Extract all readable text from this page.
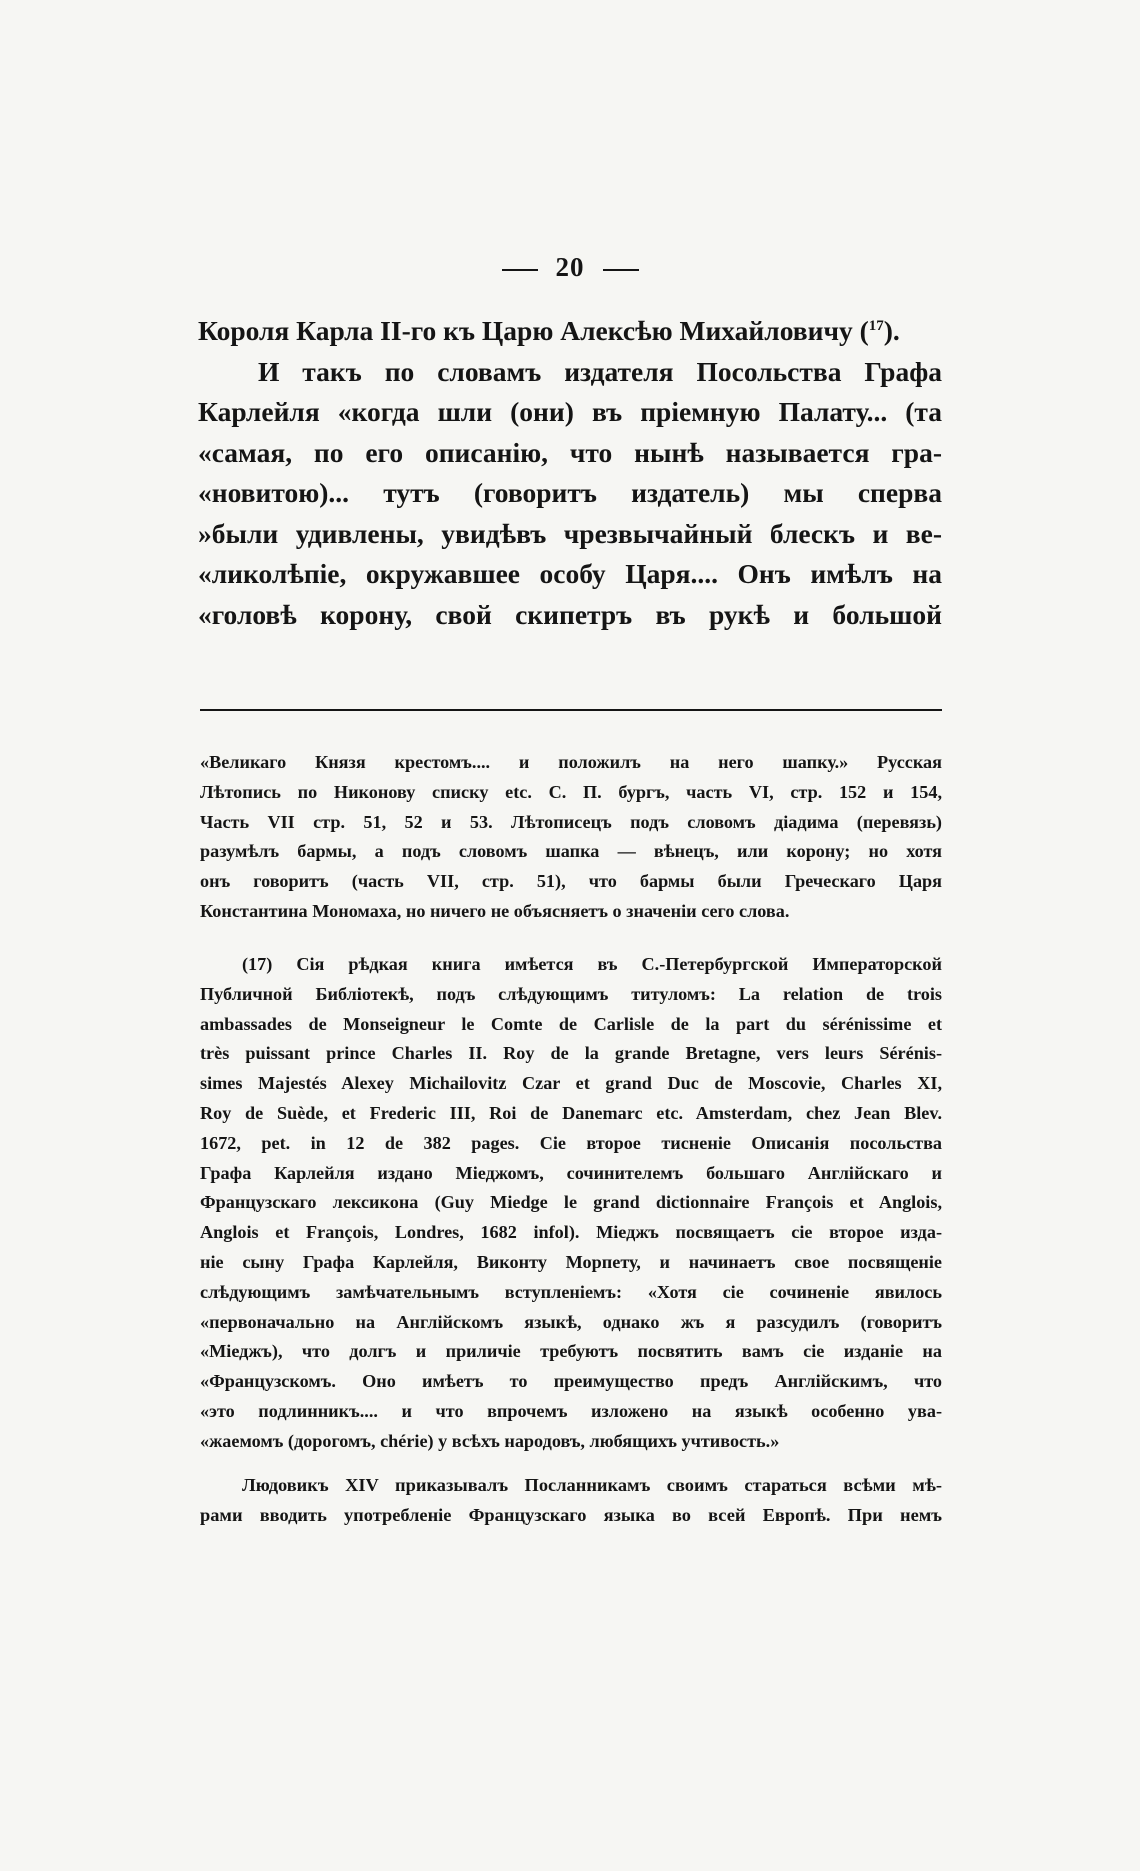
20

Короля Карла II-го къ Царю Алексѣю Михайловичу ($^{17}$).

И такъ по словамъ издателя Посольства Графа

Карлейля «когда шли (они) въ пріемную Палату... (та

«самая, по его описанію, что нынѣ называется гра-

«новитою)... тутъ (говоритъ издатель) мы сперва

»были удивлены, увидѣвъ чрезвычайный блескъ и ве-

«ликолѣпіе, окружавшее особу Царя.... Онъ имѣлъ на

«головѣ корону, свой скипетръ въ рукѣ и большой

«Великаго Князя крестомъ.... и положилъ на него шапку.» Русская

Лѣтопись по Никонову списку etc. С. П. бургъ, часть VI, стр. 152 и 154,

Часть VII стр. 51, 52 и 53. Лѣтописецъ подъ словомъ діадима (перевязь)

разумѣлъ бармы, а подъ словомъ шапка — вѣнецъ, или корону; но хотя

онъ говоритъ (часть VII, стр. 51), что бармы были Греческаго Царя

Константина Мономаха, но ничего не объясняетъ о значеніи сего слова.

(17) Сія рѣдкая книга имѣется въ С.-Петербургской Императорской

Публичной Библіотекѣ, подъ слѣдующимъ титуломъ: La relation de trois

ambassades de Monseigneur le Comte de Carlisle de la part du sérénissime et

très puissant prince Charles II. Roy de la grande Bretagne, vers leurs Sérénis-

simes Majestés Alexey Michailovitz Czar et grand Duc de Moscovie, Charles XI,

Roy de Suède, et Frederic III, Roi de Danemarc etc. Amsterdam, chez Jean Blev.

1672, pet. in 12 de 382 pages. Сіе второе тисненіе Описанія посольства

Графа Карлейля издано Міеджомъ, сочинителемъ большаго Англійскаго и

Французскаго лексикона (Guy Miedge le grand dictionnaire François et Anglois,

Anglois et François, Londres, 1682 infol). Міеджъ посвящаетъ сіе второе изда-

ніе сыну Графа Карлейля, Виконту Морпету, и начинаетъ свое посвященіе

слѣдующимъ замѣчательнымъ вступленіемъ: «Хотя сіе сочиненіе явилось

«первоначально на Англійскомъ языкѣ, однако жъ я разсудилъ (говоритъ

«Міеджъ), что долгъ и приличіе требуютъ посвятить вамъ сіе изданіе на

«Французскомъ. Оно имѣетъ то преимущество предъ Англійскимъ, что

«это подлинникъ.... и что впрочемъ изложено на языкѣ особенно ува-

«жаемомъ (дорогомъ, chérie) у всѣхъ народовъ, любящихъ учтивость.»

Людовикъ XIV приказывалъ Посланникамъ своимъ стараться всѣми мѣ-

рами вводить употребленіе Французскаго языка во всей Европѣ. При немъ
